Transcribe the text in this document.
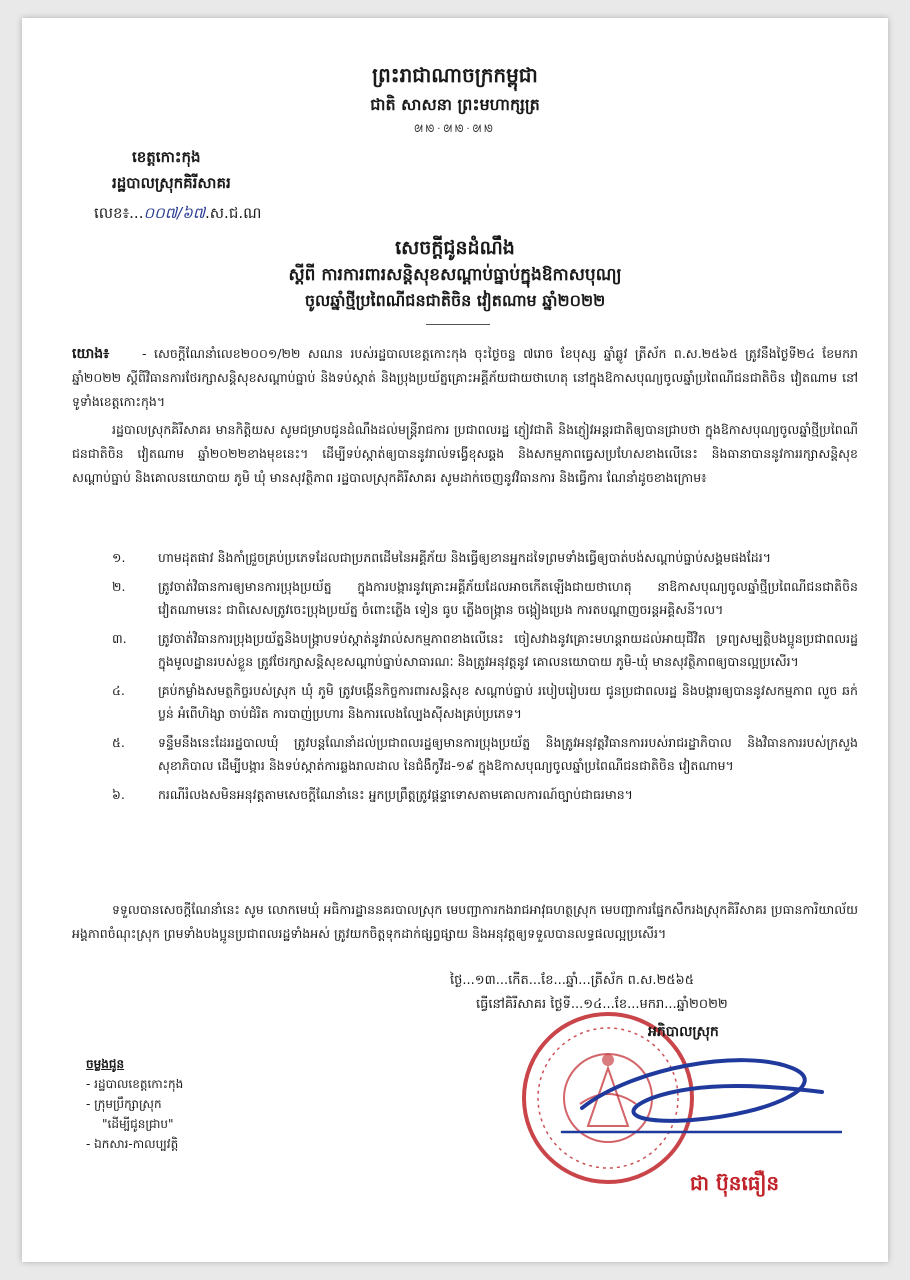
ព្រះរាជាណាចក្រកម្ពុជា
ជាតិ សាសនា ព្រះមហាក្សត្រ
ᘛᘚ·ᘛᘚ·ᘛᘚ
ខេត្តកោះកុង
រដ្ឋបាលស្រុកគិរីសាគរ
លេខ៖...០០៧/៦៧.ស.ជ.ណ
សេចក្តីជូនដំណឹង
ស្តីពី ការការពារសន្តិសុខសណ្តាប់ធ្នាប់ក្នុងឱកាសបុណ្យ
ចូលឆ្នាំថ្មីប្រពៃណីជនជាតិចិន វៀតណាម ឆ្នាំ២០២២
យោង៖	- សេចក្តីណែនាំលេខ២០០១/២២ សណន របស់រដ្ឋបាលខេត្តកោះកុង ចុះថ្ងៃចន្ទ ៧រោច ខែបុស្ស ឆ្នាំឆ្លូវ ត្រីស័ក ព.ស.២៥៦៥ ត្រូវនឹងថ្ងៃទី២៤ ខែមករា ឆ្នាំ២០២២ ស្តីពីវិធានការថែរក្សាសន្តិសុខសណ្តាប់ធ្នាប់ និងទប់ស្កាត់ និងប្រុងប្រយ័ត្នគ្រោះអគ្គីភ័យជាយថាហេតុ នៅក្នុងឱកាសបុណ្យចូលឆ្នាំប្រពៃណីជនជាតិចិន វៀតណាម នៅទូទាំងខេត្តកោះកុង។
រដ្ឋបាលស្រុកគិរីសាគរ មានកិត្តិយស សូមជម្រាបជូនដំណឹងដល់មន្ត្រីរាជការ ប្រជាពលរដ្ឋ ភ្ញៀវជាតិ និងភ្ញៀវអន្តរជាតិឲ្យបានជ្រាបថា ក្នុងឱកាសបុណ្យចូលឆ្នាំថ្មីប្រពៃណីជនជាតិចិន វៀតណាម ឆ្នាំ២០២២ខាងមុខនេះ។ ដើម្បីទប់ស្កាត់ឲ្យបាននូវរាល់ទង្វើខុសឆ្គង និងសកម្មភាពធ្វេសប្រហែសខាងលើនេះ និងធានាបាននូវការរក្សាសន្តិសុខ សណ្តាប់ធ្នាប់ និងគោលនយោបាយ ភូមិ ឃុំ មានសុវត្ថិភាព រដ្ឋបាលស្រុកគិរីសាគរ សូមដាក់ចេញនូវវិធានការ និងធ្វើការ ណែនាំដូចខាងក្រោម៖
១.	ហាមដុតផាវ និងកាំជ្រួចគ្រប់ប្រភេទដែលជាប្រភពដើមនៃអគ្គីភ័យ និងធ្វើឲ្យខានអ្នកដទៃព្រមទាំងធ្វើឲ្យបាត់បង់សណ្តាប់ធ្នាប់សង្គមផងដែរ។
២.	ត្រូវចាត់វិធានការឲ្យមានការប្រុងប្រយ័ត្ន ក្នុងការបង្ការនូវគ្រោះអគ្គីភ័យដែលអាចកើតឡើងជាយថាហេតុ នាឱកាសបុណ្យចូលឆ្នាំថ្មីប្រពៃណីជនជាតិចិន វៀតណាមនេះ ជាពិសេសត្រូវចេះប្រុងប្រយ័ត្ន ចំពោះភ្លើង ទៀន ធូប ភ្លើងចង្ក្រាន ចង្កៀងប្រេង ការតបណ្តាញចរន្តអគ្គិសនី។ល។
៣.	ត្រូវចាត់វិធានការប្រុងប្រយ័ត្ននិងបង្ក្រាបទប់ស្កាត់នូវរាល់សកម្មភាពខាងលើនេះ ចៀសវាងនូវគ្រោះមហន្តរាយដល់អាយុជីវិត ទ្រព្យសម្បត្តិបងប្អូនប្រជាពលរដ្ឋក្នុងមូលដ្ឋានរបស់ខ្លួន ត្រូវថែរក្សាសន្តិសុខសណ្តាប់ធ្នាប់សាធារណៈ និងត្រូវអនុវត្តនូវ គោលនយោបាយ ភូមិ-ឃុំ មានសុវត្ថិភាពឲ្យបានល្អប្រសើរ។
៤.	គ្រប់កម្លាំងសមត្ថកិច្ចរបស់ស្រុក ឃុំ ភូមិ ត្រូវបង្កើនកិច្ចការពារសន្តិសុខ សណ្តាប់ធ្នាប់ របៀបរៀបរយ ជូនប្រជាពលរដ្ឋ និងបង្ការឲ្យបាននូវសកម្មភាព លួច ឆក់ ប្លន់ អំពើហិង្សា ចាប់ជំរិត ការបាញ់ប្រហារ និងការលេងល្បែងស៊ីសងគ្រប់ប្រភេទ។
៥.	ទន្ទឹមនឹងនេះដែររដ្ឋបាលឃុំ ត្រូវបន្តណែនាំដល់ប្រជាពលរដ្ឋឲ្យមានការប្រុងប្រយ័ត្ន និងត្រូវអនុវត្តវិធានការរបស់រាជរដ្ឋាភិបាល និងវិធានការរបស់ក្រសួងសុខាភិបាល ដើម្បីបង្ការ និងទប់ស្កាត់ការឆ្លងរាលដាល នៃជំងឺកូវីដ-១៩ ក្នុងឱកាសបុណ្យចូលឆ្នាំប្រពៃណីជនជាតិចិន វៀតណាម។
៦.	ករណីរំលងសមិនអនុវត្តតាមសេចក្តីណែនាំនេះ អ្នកប្រព្រឹត្តត្រូវផ្តន្ទាទោសតាមគោលការណ៍ច្បាប់ជាធរមាន។
ទទួលបានសេចក្តីណែនាំនេះ សូម លោកមេឃុំ អធិការដ្ឋាននគរបាលស្រុក មេបញ្ជាការកងរាជអាវុធហត្ថស្រុក មេបញ្ជាការផ្នែកសឹករងស្រុកគិរីសាគរ ប្រធានការិយាល័យ អង្គភាពចំណុះស្រុក ព្រមទាំងបងប្អូនប្រជាពលរដ្ឋទាំងអស់ ត្រូវយកចិត្តទុកដាក់ផ្សព្វផ្សាយ និងអនុវត្តឲ្យទទួលបានលទ្ធផលល្អប្រសើរ។
ថ្ងៃ...១៣...កើត...ខែ...ឆ្នាំ...ត្រីស័ក ព.ស.២៥៦៥
ធ្វើនៅគិរីសាគរ ថ្ងៃទី...១៤...ខែ...មករា...ឆ្នាំ២០២២
អភិបាលស្រុក
ជា ប៊ុនធឿន
ចម្លងជូន
- រដ្ឋបាលខេត្តកោះកុង
- ក្រុមប្រឹក្សាស្រុក
"ដើម្បីជូនជ្រាប"
- ឯកសារ-កាលប្បវត្តិ
